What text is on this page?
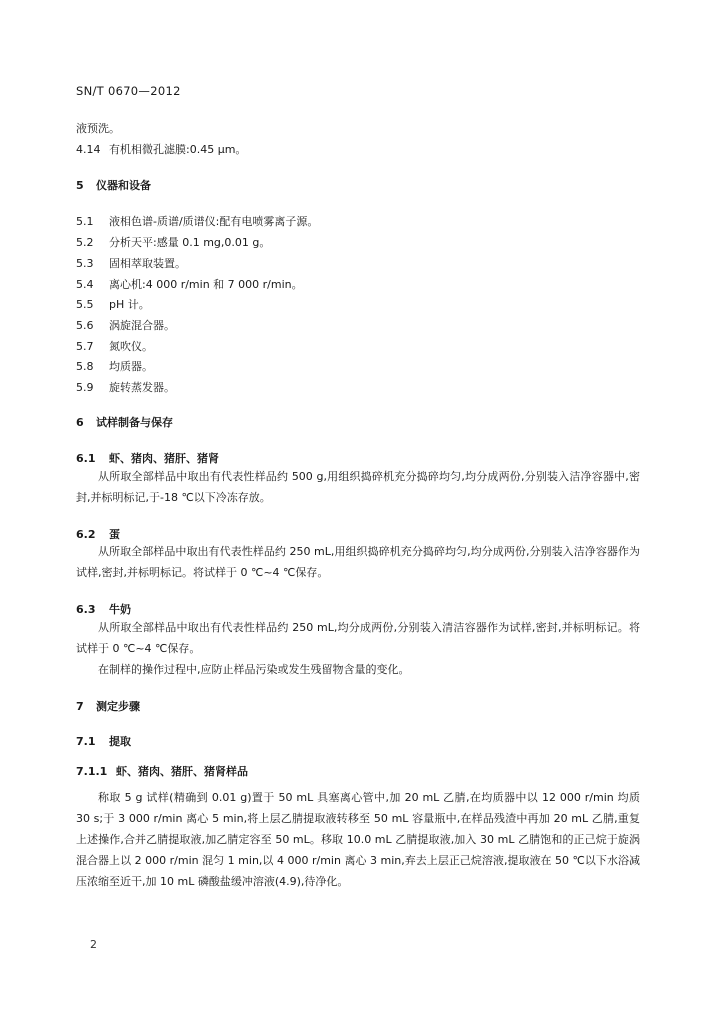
SN/T 0670—2012
液预洗。
4.14 有机相微孔滤膜:0.45 μm。
5 仪器和设备
5.1 液相色谱-质谱/质谱仪:配有电喷雾离子源。
5.2 分析天平:感量 0.1 mg,0.01 g。
5.3 固相萃取装置。
5.4 离心机:4 000 r/min 和 7 000 r/min。
5.5 pH 计。
5.6 涡旋混合器。
5.7 氮吹仪。
5.8 均质器。
5.9 旋转蒸发器。
6 试样制备与保存
6.1 虾、猪肉、猪肝、猪肾
从所取全部样品中取出有代表性样品约 500 g,用组织捣碎机充分捣碎均匀,均分成两份,分别装入洁净容器中,密封,并标明标记,于-18 ℃以下冷冻存放。
6.2 蛋
从所取全部样品中取出有代表性样品约 250 mL,用组织捣碎机充分捣碎均匀,均分成两份,分别装入洁净容器作为试样,密封,并标明标记。将试样于 0 ℃~4 ℃保存。
6.3 牛奶
从所取全部样品中取出有代表性样品约 250 mL,均分成两份,分别装入清洁容器作为试样,密封,并标明标记。将试样于 0 ℃~4 ℃保存。
在制样的操作过程中,应防止样品污染或发生残留物含量的变化。
7 测定步骤
7.1 提取
7.1.1 虾、猪肉、猪肝、猪肾样品
称取 5 g 试样(精确到 0.01 g)置于 50 mL 具塞离心管中,加 20 mL 乙腈,在均质器中以 12 000 r/min 均质 30 s;于 3 000 r/min 离心 5 min,将上层乙腈提取液转移至 50 mL 容量瓶中,在样品残渣中再加 20 mL 乙腈,重复上述操作,合并乙腈提取液,加乙腈定容至 50 mL。移取 10.0 mL 乙腈提取液,加入 30 mL 乙腈饱和的正己烷于旋涡混合器上以 2 000 r/min 混匀 1 min,以 4 000 r/min 离心 3 min,弃去上层正己烷溶液,提取液在 50 ℃以下水浴减压浓缩至近干,加 10 mL 磷酸盐缓冲溶液(4.9),待净化。
2
